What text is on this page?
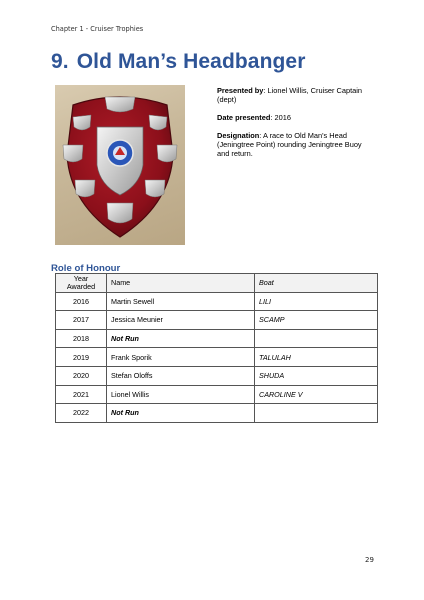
Chapter 1 - Cruiser Trophies
9. Old Man’s Headbanger
Presented by: Lionel Willis, Cruiser Captain (dept)
Date presented: 2016
Designation: A race to Old Man's Head (Jeningtree Point) rounding Jeningtree Buoy and return.
Role of Honour
Year Awarded	Name	Boat
2016	Martin Sewell	LILI
2017	Jessica Meunier	SCAMP
2018	Not Run	
2019	Frank Sporik	TALULAH
2020	Stefan Oloffs	SHUDA
2021	Lionel Willis	CAROLINE V
2022	Not Run	
29
